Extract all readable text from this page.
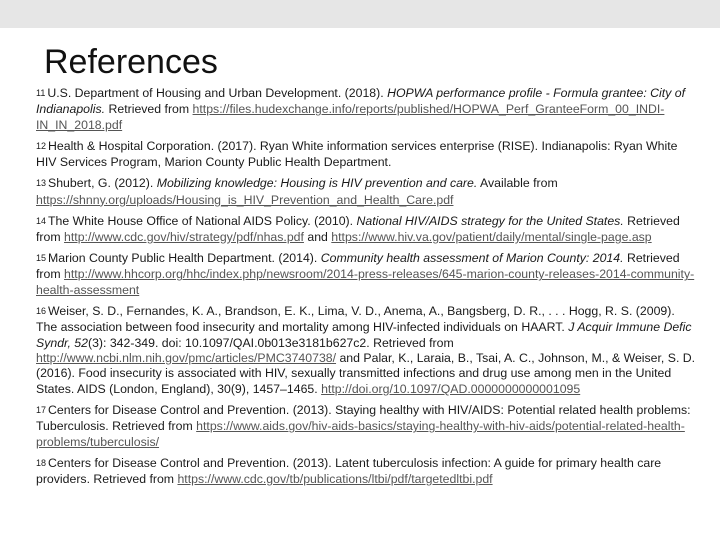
References

$^{11}$ U.S. Department of Housing and Urban Development. (2018). HOPWA performance profile - Formula grantee: City of Indianapolis. Retrieved from https://files.hudexchange.info/reports/published/HOPWA_Perf_GranteeForm_00_INDI-IN_IN_2018.pdf

$^{12}$ Health & Hospital Corporation. (2017). Ryan White information services enterprise (RISE). Indianapolis: Ryan White HIV Services Program, Marion County Public Health Department.

$^{13}$ Shubert, G. (2012). Mobilizing knowledge: Housing is HIV prevention and care. Available from https://shnny.org/uploads/Housing_is_HIV_Prevention_and_Health_Care.pdf

$^{14}$ The White House Office of National AIDS Policy. (2010). National HIV/AIDS strategy for the United States. Retrieved from http://www.cdc.gov/hiv/strategy/pdf/nhas.pdf and https://www.hiv.va.gov/patient/daily/mental/single-page.asp

$^{15}$ Marion County Public Health Department. (2014). Community health assessment of Marion County: 2014. Retrieved from http://www.hhcorp.org/hhc/index.php/newsroom/2014-press-releases/645-marion-county-releases-2014-community-health-assessment

$^{16}$ Weiser, S. D., Fernandes, K. A., Brandson, E. K., Lima, V. D., Anema, A., Bangsberg, D. R., . . . Hogg, R. S. (2009). The association between food insecurity and mortality among HIV-infected individuals on HAART. J Acquir Immune Defic Syndr, 52(3): 342-349. doi: 10.1097/QAI.0b013e3181b627c2. Retrieved from http://www.ncbi.nlm.nih.gov/pmc/articles/PMC3740738/ and Palar, K., Laraia, B., Tsai, A. C., Johnson, M., & Weiser, S. D. (2016). Food insecurity is associated with HIV, sexually transmitted infections and drug use among men in the United States. AIDS (London, England), 30(9), 1457–1465. http://doi.org/10.1097/QAD.0000000000001095

$^{17}$ Centers for Disease Control and Prevention. (2013). Staying healthy with HIV/AIDS: Potential related health problems: Tuberculosis. Retrieved from https://www.aids.gov/hiv-aids-basics/staying-healthy-with-hiv-aids/potential-related-health-problems/tuberculosis/

$^{18}$ Centers for Disease Control and Prevention. (2013). Latent tuberculosis infection: A guide for primary health care providers. Retrieved from https://www.cdc.gov/tb/publications/ltbi/pdf/targetedltbi.pdf
